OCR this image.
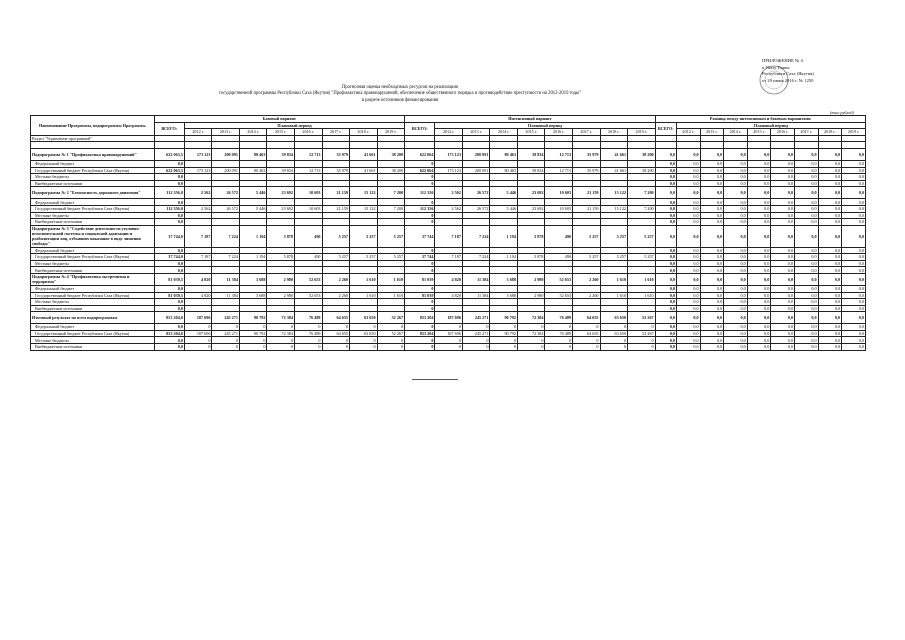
ПРИЛОЖЕНИЕ № 4
к Указу Главы
Республики Саха (Якутия)
от 29 июня 2016 г. № 1250
Прогнозная оценка необходимых ресурсов на реализацию
государственной программы Республики Саха (Якутия) "Профилактика правонарушений, обеспечение общественного порядка и противодействие преступности на 2012-2019 годы"
в разрезе источников финансирования
(тыс.рублей)
Наименование Программы, подпрограммы Программы	Базовый вариант									Интенсивный вариант									Разница между интенсивным и базовым вариантами								
	ВСЕГО:	Плановый период								ВСЕГО:	Плановый период								ВСЕГО:	Плановый период							
		2012 г.	2013 г.	2014 г.	2015 г.	2016 г.	2017 г.	2018 г.	2019 г.		2012 г.	2013 г.	2014 г.	2015 г.	2016 г.	2017 г.	2018 г.	2019 г.		2012 г.	2013 г.	2014 г.	2015 г.	2016 г.	2017 г.	2018 г.	2019 г.
Раздел "Управление программой"																											

Подпрограмма № 1 "Профилактика правонарушений"	622 063,5	173 123	200 091	80 463	39 834	12 713	35 979	41 661	38 200	622 064	173 123	200 091	80 463	39 834	12 713	35 979	41 661	38 200	0,0	0,0	0,0	0,0	0,0	0,0	0,0	0,0	0,0
Федеральный бюджет	0,0									0									0,0	0,0	0,0	0,0	0,0	0,0	0,0	0,0	0,0
Государственный бюджет Республики Саха (Якутия)	622 063,5	173 123	200 091	80 463	39 834	12 713	35 979	41 661	38 200	622 064	173 123	200 091	80 463	39 834	12 713	35 979	41 661	38 200	0,0	0,0	0,0	0,0	0,0	0,0	0,0	0,0	0,0
Местные бюджеты	0,0									0									0,0	0,0	0,0	0,0	0,0	0,0	0,0	0,0	0,0
Внебюджетные источники	0,0									0									0,0	0,0	0,0	0,0	0,0	0,0	0,0	0,0	0,0
Подпрограмма № 2 "Безопасность дорожного движения"	112 356,0	2 562	26 572	5 446	23 692	10 603	21 159	15 122	7 200	112 356	2 562	26 572	5 446	23 692	10 603	21 159	15 122	7 200	0,0	0,0	0,0	0,0	0,0	0,0	0,0	0,0	0,0
Федеральный бюджет	0,0									0									0,0	0,0	0,0	0,0	0,0	0,0	0,0	0,0	0,0
Государственный бюджет Республики Саха (Якутия)	112 356,0	2 562	26 572	5 446	23 692	10 603	21 159	15 122	7 200	112 356	2 562	26 572	5 446	23 692	10 603	21 159	15 122	7 200	0,0	0,0	0,0	0,0	0,0	0,0	0,0	0,0	0,0
Местные бюджеты	0,0									0									0,0	0,0	0,0	0,0	0,0	0,0	0,0	0,0	0,0
Внебюджетные источники	0,0									0									0,0	0,0	0,0	0,0	0,0	0,0	0,0	0,0	0,0
Подпрограмма № 3 "Содействие деятельности уголовно-исполнительной системы и социальной адаптации и реабилитации лиц, отбывших наказание в виде лишения свободы"	37 744,0	7 187	7 224	1 194	5 878	490	5 257	5 257	5 257	37 744	7 187	7 224	1 194	5 878	490	5 257	5 257	5 257	0,0	0,0	0,0	0,0	0,0	0,0	0,0	0,0	0,0
Федеральный бюджет	0,0									0									0,0	0,0	0,0	0,0	0,0	0,0	0,0	0,0	0,0
Государственный бюджет Республики Саха (Якутия)	37 744,0	7 187	7 224	1 194	5 878	490	5 257	5 257	5 257	37 744	7 187	7 224	1 194	5 878	490	5 257	5 257	5 257	0,0	0,0	0,0	0,0	0,0	0,0	0,0	0,0	0,0
Местные бюджеты	0,0									0									0,0	0,0	0,0	0,0	0,0	0,0	0,0	0,0	0,0
Внебюджетные источники	0,0									0									0,0	0,0	0,0	0,0	0,0	0,0	0,0	0,0	0,0
Подпрограмма № 4 "Профилактика экстремизма и терроризма"	81 039,5	4 820	11 384	3 688	2 980	52 653	2 260	1 610	1 610	81 039	4 820	11 384	3 688	2 980	52 653	2 260	1 610	1 610	0,0	0,0	0,0	0,0	0,0	0,0	0,0	0,0	0,0
Федеральный бюджет	0,0									0									0,0	0,0	0,0	0,0	0,0	0,0	0,0	0,0	0,0
Государственный бюджет Республики Саха (Якутия)	81 039,5	4 820	11 384	3 688	2 980	52 653	2 260	1 610	1 610	81 039	4 820	11 384	3 688	2 980	52 653	2 260	1 610	1 610	0,0	0,0	0,0	0,0	0,0	0,0	0,0	0,0	0,0
Местные бюджеты	0,0									0									0,0	0,0	0,0	0,0	0,0	0,0	0,0	0,0	0,0
Внебюджетные источники	0,0									0									0,0	0,0	0,0	0,0	0,0	0,0	0,0	0,0	0,0
Итоговый результат по всем подпрограммам	853 204,0	187 696	245 271	90 792	72 384	76 489	64 655	63 650	52 267	853 204	187 696	245 271	90 792	72 384	76 489	64 655	63 650	52 267	0,0	0,0	0,0	0,0	0,0	0,0	0,0	0,0	0,0
Федеральный бюджет	0,0	0	0	0	0	0	0	0	0	0	0	0	0	0	0	0	0	0	0,0	0,0	0,0	0,0	0,0	0,0	0,0	0,0	0,0
Государственный бюджет Республики Саха (Якутия)	853 204,0	187 696	245 271	90 792	72 384	76 489	64 655	63 650	52 267	853 204	187 696	245 271	90 792	72 384	76 489	64 655	63 650	52 267	0,0	0,0	0,0	0,0	0,0	0,0	0,0	0,0	0,0
Местные бюджеты	0,0	0	0	0	0	0	0	0	0	0	0	0	0	0	0	0	0	0	0,0	0,0	0,0	0,0	0,0	0,0	0,0	0,0	0,0
Внебюджетные источники	0,0	0	0	0	0	0	0	0	0	0	0	0	0	0	0	0	0	0	0,0	0,0	0,0	0,0	0,0	0,0	0,0	0,0	0,0
